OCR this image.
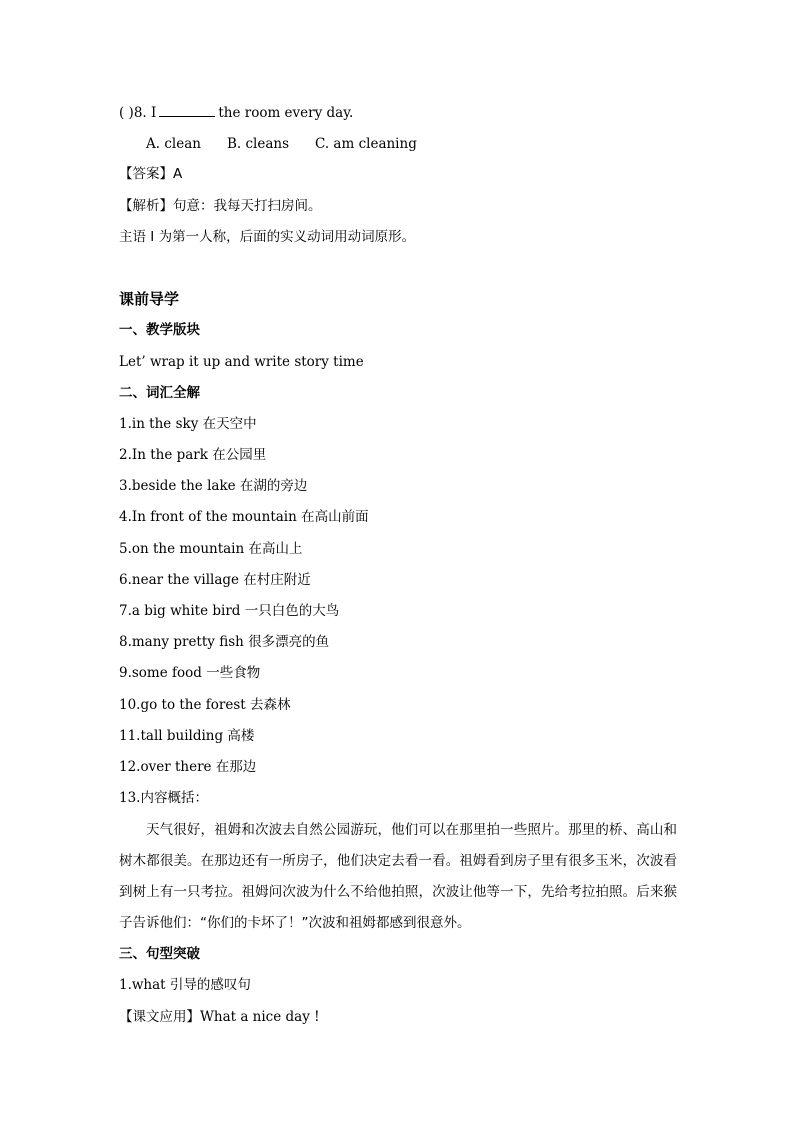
( )8. I	the room every day.
A. clean B. cleans C. am cleaning
【答案】A
【解析】句意：我每天打扫房间。
主语 I 为第一人称，后面的实义动词用动词原形。
课前导学
一、教学版块
Let’ wrap it up and write story time
二、词汇全解
1.in the sky 在天空中
2.In the park 在公园里
3.beside the lake 在湖的旁边
4.In front of the mountain 在高山前面
5.on the mountain 在高山上
6.near the village 在村庄附近
7.a big white bird 一只白色的大鸟
8.many pretty fish 很多漂亮的鱼
9.some food 一些食物
10.go to the forest 去森林
11.tall building 高楼
12.over there 在那边
13.内容概括：
天气很好，祖姆和次波去自然公园游玩，他们可以在那里拍一些照片。那里的桥、高山和树木都很美。在那边还有一所房子，他们决定去看一看。祖姆看到房子里有很多玉米，次波看到树上有一只考拉。祖姆问次波为什么不给他拍照，次波让他等一下，先给考拉拍照。后来猴子告诉他们：“你们的卡坏了！”次波和祖姆都感到很意外。
三、句型突破
1.what 引导的感叹句
【课文应用】What a nice day !
